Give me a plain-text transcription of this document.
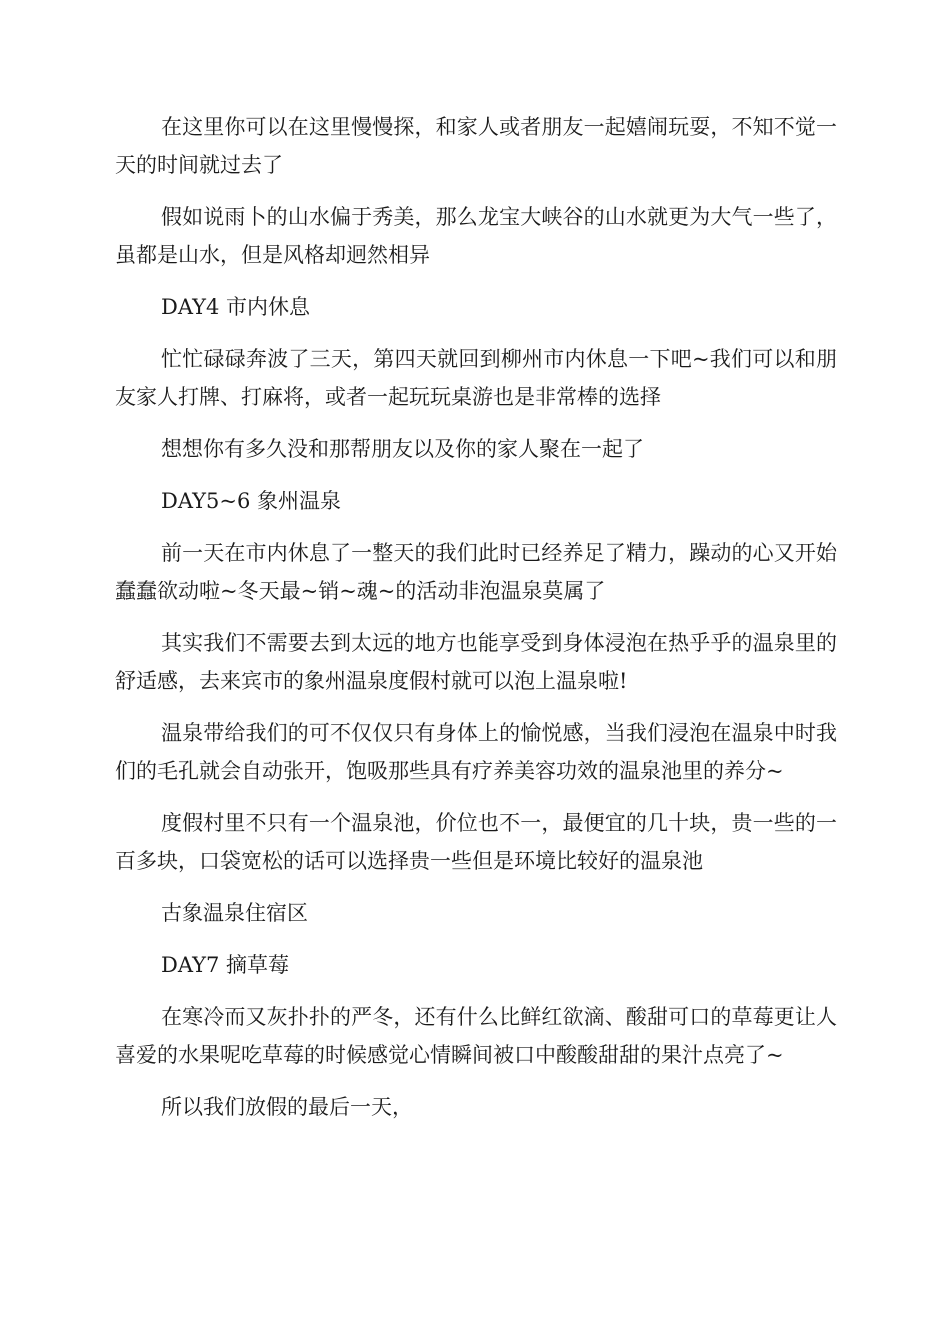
在这里你可以在这里慢慢探，和家人或者朋友一起嬉闹玩耍，不知不觉一天的时间就过去了

假如说雨卜的山水偏于秀美，那么龙宝大峡谷的山水就更为大气一些了，虽都是山水，但是风格却迥然相异

DAY4 市内休息

忙忙碌碌奔波了三天，第四天就回到柳州市内休息一下吧~我们可以和朋友家人打牌、打麻将，或者一起玩玩桌游也是非常棒的选择

想想你有多久没和那帮朋友以及你的家人聚在一起了

DAY5~6 象州温泉

前一天在市内休息了一整天的我们此时已经养足了精力，躁动的心又开始蠢蠢欲动啦~冬天最~销~魂~的活动非泡温泉莫属了

其实我们不需要去到太远的地方也能享受到身体浸泡在热乎乎的温泉里的舒适感，去来宾市的象州温泉度假村就可以泡上温泉啦!

温泉带给我们的可不仅仅只有身体上的愉悦感，当我们浸泡在温泉中时我们的毛孔就会自动张开，饱吸那些具有疗养美容功效的温泉池里的养分~

度假村里不只有一个温泉池，价位也不一，最便宜的几十块，贵一些的一百多块，口袋宽松的话可以选择贵一些但是环境比较好的温泉池

古象温泉住宿区

DAY7 摘草莓

在寒冷而又灰扑扑的严冬，还有什么比鲜红欲滴、酸甜可口的草莓更让人喜爱的水果呢吃草莓的时候感觉心情瞬间被口中酸酸甜甜的果汁点亮了~

所以我们放假的最后一天，
